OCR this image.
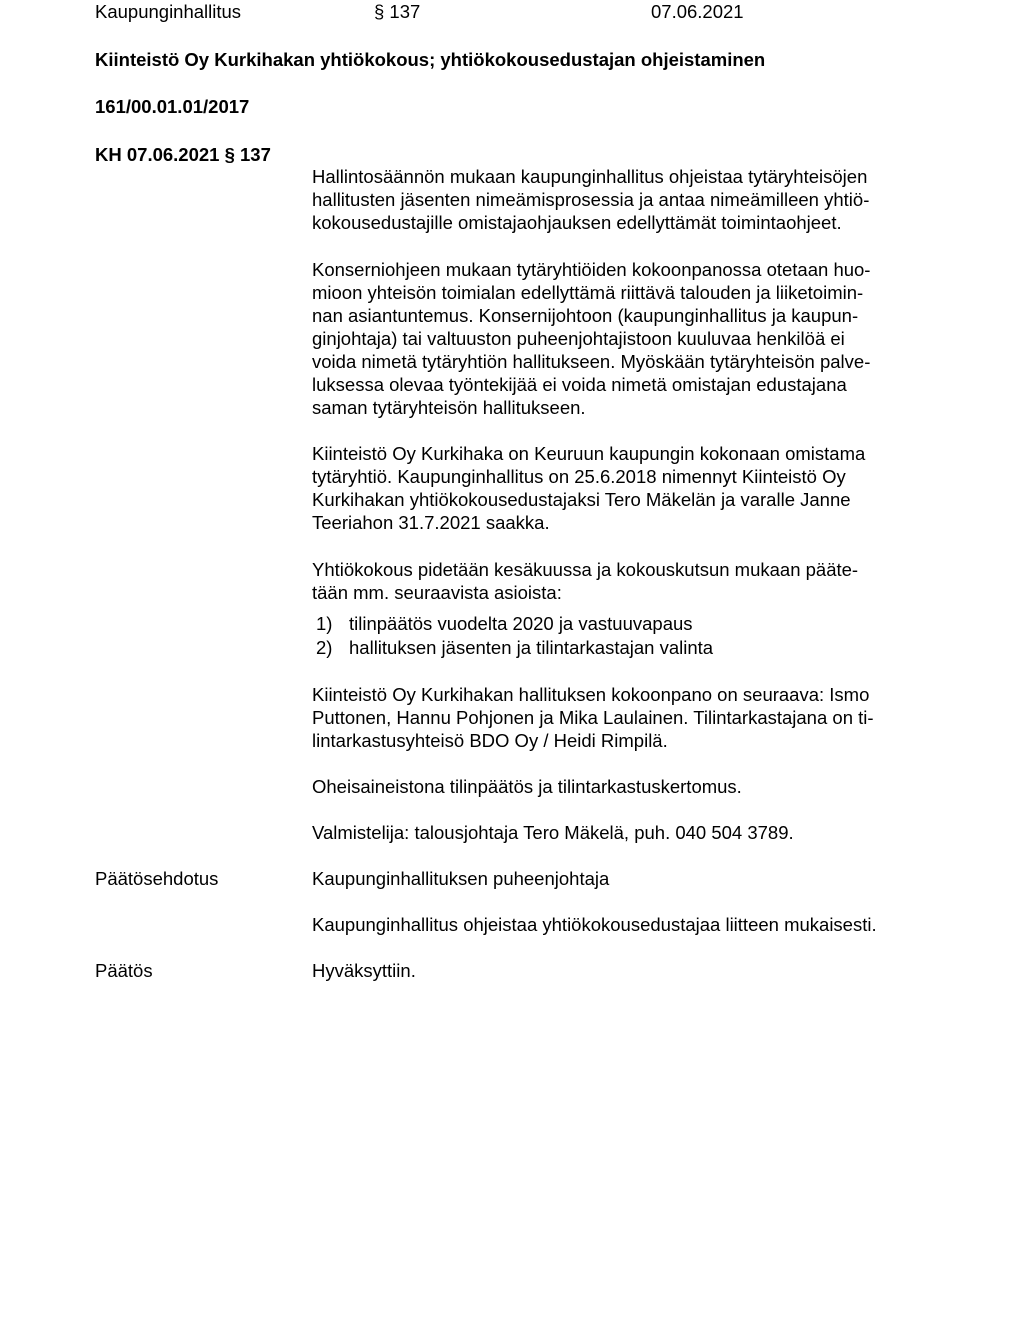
Kaupunginhallitus	§ 137	07.06.2021
Kiinteistö Oy Kurkihakan yhtiökokous; yhtiökokousedustajan ohjeistaminen
161/00.01.01/2017
KH 07.06.2021 § 137
Hallintosäännön mukaan kaupunginhallitus ohjeistaa tytäryhteisöjen
hallitusten jäsenten nimeämisprosessia ja antaa nimeämilleen yhtiö-
kokousedustajille omistajaohjauksen edellyttämät toimintaohjeet.
Konserniohjeen mukaan tytäryhtiöiden kokoonpanossa otetaan huo-
mioon yhteisön toimialan edellyttämä riittävä talouden ja liiketoimin-
nan asiantuntemus. Konsernijohtoon (kaupunginhallitus ja kaupun-
ginjohtaja) tai valtuuston puheenjohtajistoon kuuluvaa henkilöä ei
voida nimetä tytäryhtiön hallitukseen. Myöskään tytäryhteisön palve-
luksessa olevaa työntekijää ei voida nimetä omistajan edustajana
saman tytäryhteisön hallitukseen.
Kiinteistö Oy Kurkihaka on Keuruun kaupungin kokonaan omistama
tytäryhtiö. Kaupunginhallitus on 25.6.2018 nimennyt Kiinteistö Oy
Kurkihakan yhtiökokousedustajaksi Tero Mäkelän ja varalle Janne
Teeriahon 31.7.2021 saakka.
Yhtiökokous pidetään kesäkuussa ja kokouskutsun mukaan pääte-
tään mm. seuraavista asioista:
1) tilinpäätös vuodelta 2020 ja vastuuvapaus
2) hallituksen jäsenten ja tilintarkastajan valinta
Kiinteistö Oy Kurkihakan hallituksen kokoonpano on seuraava: Ismo
Puttonen, Hannu Pohjonen ja Mika Laulainen. Tilintarkastajana on ti-
lintarkastusyhteisö BDO Oy / Heidi Rimpilä.
Oheisaineistona tilinpäätös ja tilintarkastuskertomus.
Valmistelija: talousjohtaja Tero Mäkelä, puh. 040 504 3789.
Kaupunginhallituksen puheenjohtaja
Kaupunginhallitus ohjeistaa yhtiökokousedustajaa liitteen mukaisesti.
Hyväksyttiin.
Päätösehdotus
Päätös
